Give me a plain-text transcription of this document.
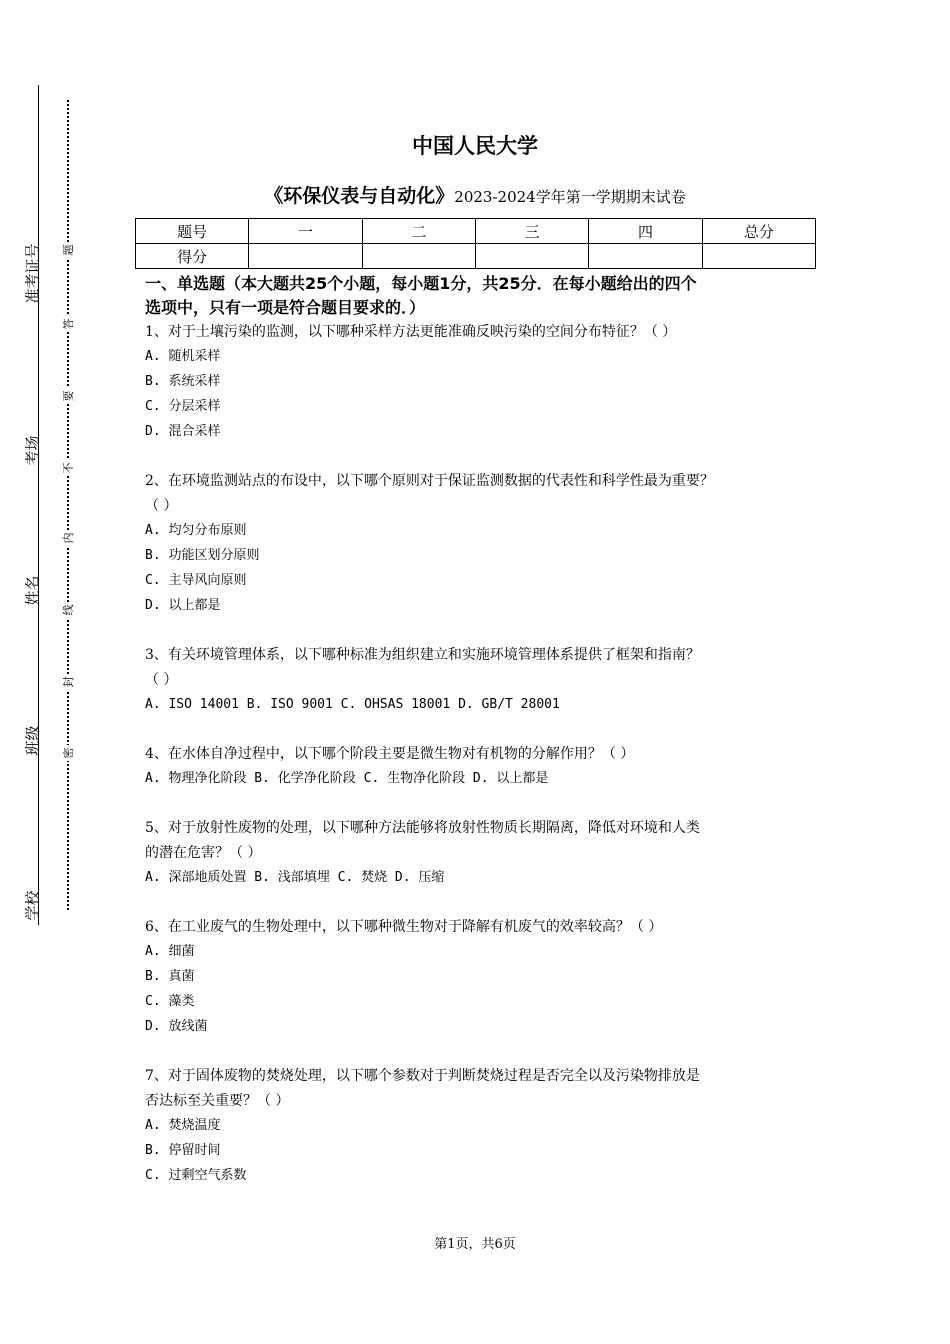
准考证号
考场
姓名
班级
学校
题
答
要
不
内
线
封
密
中国人民大学
《环保仪表与自动化》2023-2024学年第一学期期末试卷
题号	一	二	三	四	总分
得分					
一、单选题（本大题共25个小题，每小题1分，共25分．在每小题给出的四个
选项中，只有一项是符合题目要求的．）
1、对于土壤污染的监测，以下哪种采样方法更能准确反映污染的空间分布特征？（ ）
A. 随机采样
B. 系统采样
C. 分层采样
D. 混合采样
2、在环境监测站点的布设中，以下哪个原则对于保证监测数据的代表性和科学性最为重要？
（ ）
A. 均匀分布原则
B. 功能区划分原则
C. 主导风向原则
D. 以上都是
3、有关环境管理体系，以下哪种标准为组织建立和实施环境管理体系提供了框架和指南？
（ ）
A. ISO 14001 B. ISO 9001 C. OHSAS 18001 D. GB/T 28001
4、在水体自净过程中，以下哪个阶段主要是微生物对有机物的分解作用？（ ）
A. 物理净化阶段 B. 化学净化阶段 C. 生物净化阶段 D. 以上都是
5、对于放射性废物的处理，以下哪种方法能够将放射性物质长期隔离，降低对环境和人类
的潜在危害？（ ）
A. 深部地质处置 B. 浅部填埋 C. 焚烧 D. 压缩
6、在工业废气的生物处理中，以下哪种微生物对于降解有机废气的效率较高？（ ）
A. 细菌
B. 真菌
C. 藻类
D. 放线菌
7、对于固体废物的焚烧处理，以下哪个参数对于判断焚烧过程是否完全以及污染物排放是
否达标至关重要？（ ）
A. 焚烧温度
B. 停留时间
C. 过剩空气系数
第1页，共6页
